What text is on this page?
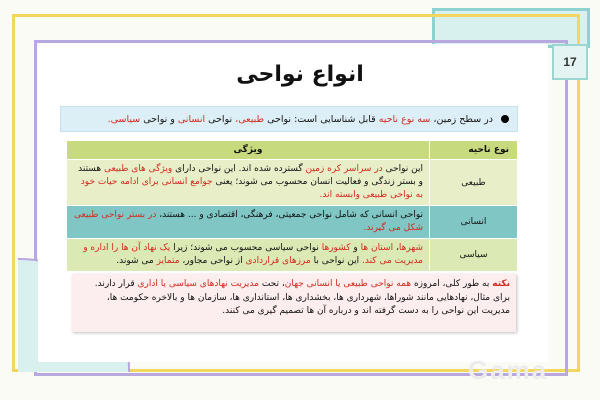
17
انواع نواحی
در سطح زمین، سه نوع ناحیه قابل شناسایی است: نواحی طبیعی، نواحی انسانی و نواحی سیاسی.
نوع ناحیه	ویژگی
طبیعی	این نواحی در سراسر کره زمین گسترده شده اند. این نواحی دارای ویژگی های طبیعی هستند و بستر زندگی و فعالیت انسان محسوب می شوند؛ یعنی جوامع انسانی برای ادامه حیات خود به نواحی طبیعی وابسته اند.
انسانی	نواحی انسانی که شامل نواحی جمعیتی، فرهنگی، اقتصادی و ... هستند، در بستر نواحی طبیعی شکل می گیرند.
سیاسی	شهرها، استان ها و کشورها نواحی سیاسی محسوب می شوند؛ زیرا یک نهاد آن ها را اداره و مدیریت می کند. این نواحی با مرزهای قراردادی از نواحی مجاور، متمایز می شوند.
نکته به طور کلی، امروزه همه نواحی طبیعی یا انسانی جهان، تحت مدیریت نهادهای سیاسی یا اداری قرار دارند. برای مثال، نهادهایی مانند شوراها، شهرداری ها، بخشداری ها، استانداری ها، سازمان ها و بالاخره حکومت ها، مدیریت این نواحی را به دست گرفته اند و درباره آن ها تصمیم گیری می کنند.
Gama
